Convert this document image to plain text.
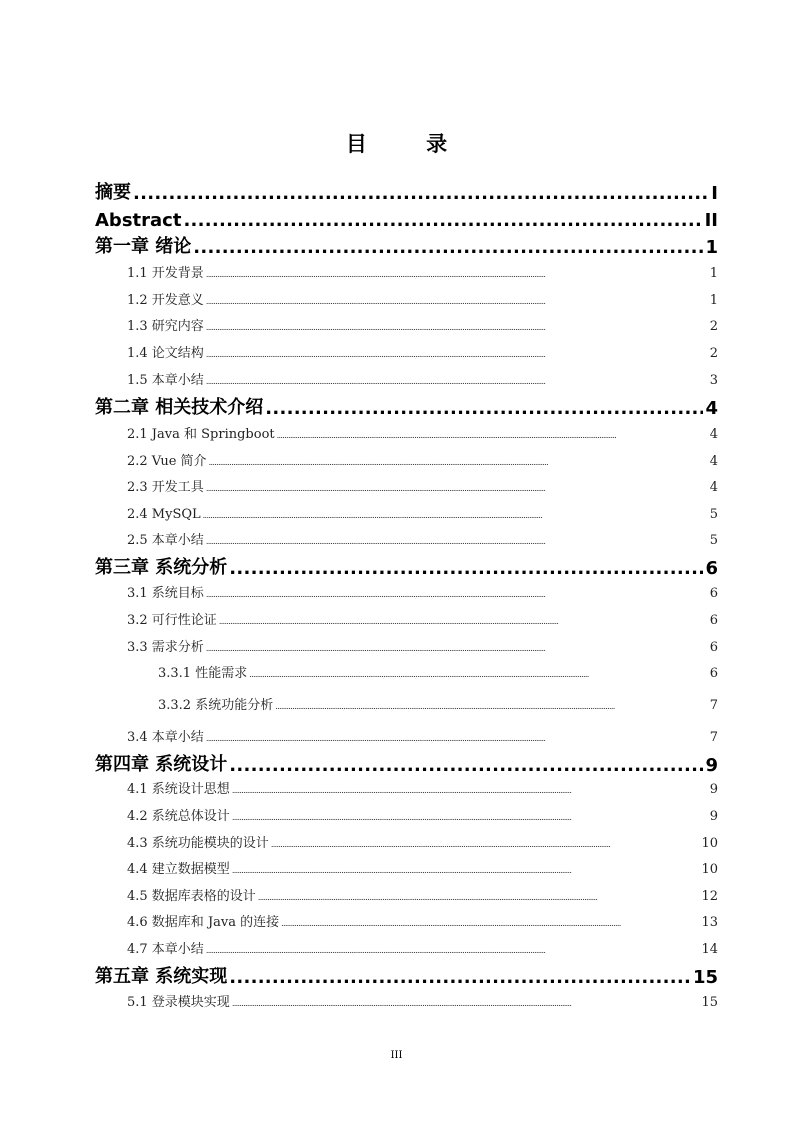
目 录
摘要 . . .	I
Abstract . . .	II
第一章 绪论 . . .	1
1.1 开发背景 . . .	1
1.2 开发意义 . . .	1
1.3 研究内容 . . .	2
1.4 论文结构 . . .	2
1.5 本章小结 . . .	3
第二章 相关技术介绍 . . .	4
2.1 Java 和 Springboot . . .	4
2.2 Vue 简介 . . .	4
2.3 开发工具 . . .	4
2.4 MySQL . . .	5
2.5 本章小结 . . .	5
第三章 系统分析 . . .	6
3.1 系统目标 . . .	6
3.2 可行性论证 . . .	6
3.3 需求分析 . . .	6
3.3.1 性能需求 . . .	6
3.3.2 系统功能分析 . . .	7
3.4 本章小结 . . .	7
第四章 系统设计 . . .	9
4.1 系统设计思想 . . .	9
4.2 系统总体设计 . . .	9
4.3 系统功能模块的设计 . . .	10
4.4 建立数据模型 . . .	10
4.5 数据库表格的设计 . . .	12
4.6 数据库和 Java 的连接 . . .	13
4.7 本章小结 . . .	14
第五章 系统实现 . . .	15
5.1 登录模块实现 . . .	15
III
